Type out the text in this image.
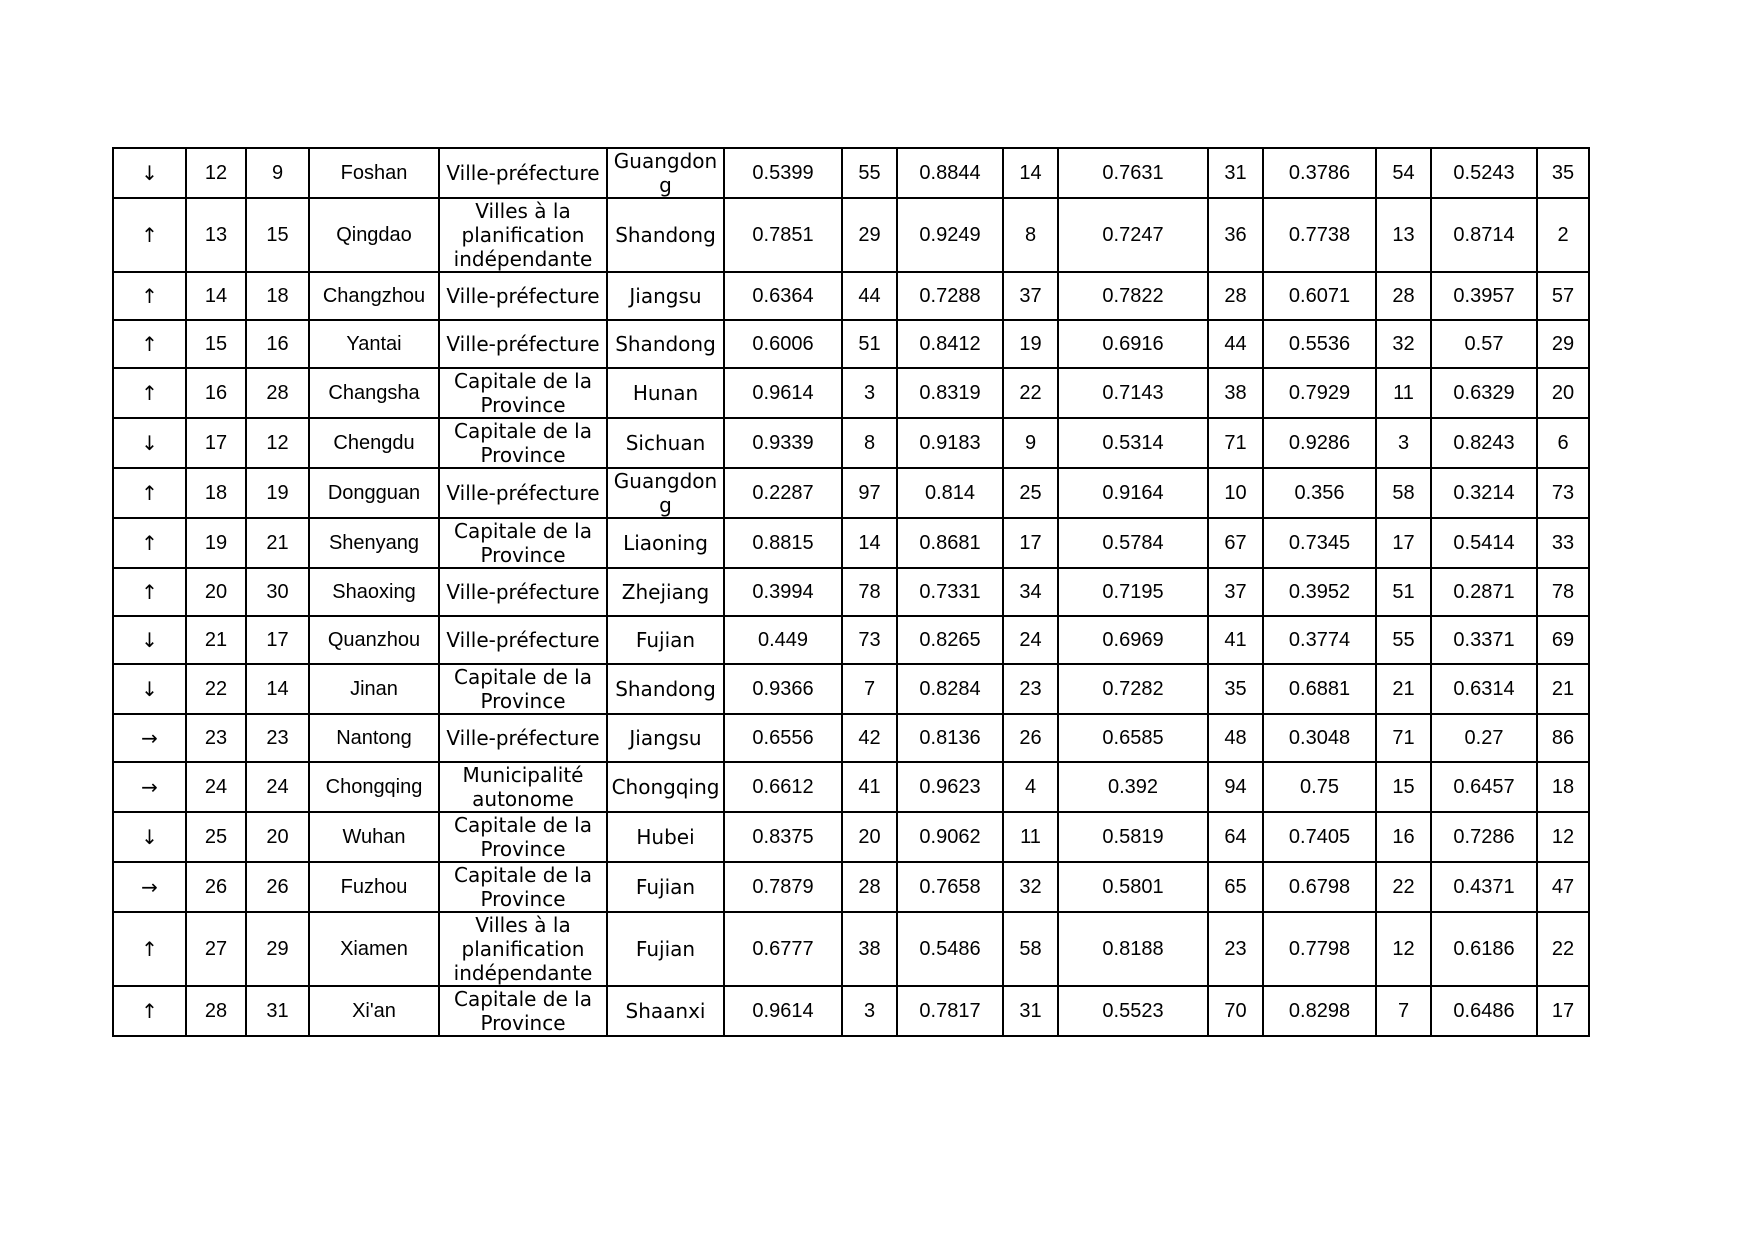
↓	12	9	Foshan	Ville-préfecture	Guangdong	0.5399	55	0.8844	14	0.7631	31	0.3786	54	0.5243	35
↑	13	15	Qingdao	Villes à la planification indépendante	Shandong	0.7851	29	0.9249	8	0.7247	36	0.7738	13	0.8714	2
↑	14	18	Changzhou	Ville-préfecture	Jiangsu	0.6364	44	0.7288	37	0.7822	28	0.6071	28	0.3957	57
↑	15	16	Yantai	Ville-préfecture	Shandong	0.6006	51	0.8412	19	0.6916	44	0.5536	32	0.57	29
↑	16	28	Changsha	Capitale de la Province	Hunan	0.9614	3	0.8319	22	0.7143	38	0.7929	11	0.6329	20
↓	17	12	Chengdu	Capitale de la Province	Sichuan	0.9339	8	0.9183	9	0.5314	71	0.9286	3	0.8243	6
↑	18	19	Dongguan	Ville-préfecture	Guangdong	0.2287	97	0.814	25	0.9164	10	0.356	58	0.3214	73
↑	19	21	Shenyang	Capitale de la Province	Liaoning	0.8815	14	0.8681	17	0.5784	67	0.7345	17	0.5414	33
↑	20	30	Shaoxing	Ville-préfecture	Zhejiang	0.3994	78	0.7331	34	0.7195	37	0.3952	51	0.2871	78
↓	21	17	Quanzhou	Ville-préfecture	Fujian	0.449	73	0.8265	24	0.6969	41	0.3774	55	0.3371	69
↓	22	14	Jinan	Capitale de la Province	Shandong	0.9366	7	0.8284	23	0.7282	35	0.6881	21	0.6314	21
→	23	23	Nantong	Ville-préfecture	Jiangsu	0.6556	42	0.8136	26	0.6585	48	0.3048	71	0.27	86
→	24	24	Chongqing	Municipalité autonome	Chongqing	0.6612	41	0.9623	4	0.392	94	0.75	15	0.6457	18
↓	25	20	Wuhan	Capitale de la Province	Hubei	0.8375	20	0.9062	11	0.5819	64	0.7405	16	0.7286	12
→	26	26	Fuzhou	Capitale de la Province	Fujian	0.7879	28	0.7658	32	0.5801	65	0.6798	22	0.4371	47
↑	27	29	Xiamen	Villes à la planification indépendante	Fujian	0.6777	38	0.5486	58	0.8188	23	0.7798	12	0.6186	22
↑	28	31	Xi'an	Capitale de la Province	Shaanxi	0.9614	3	0.7817	31	0.5523	70	0.8298	7	0.6486	17
